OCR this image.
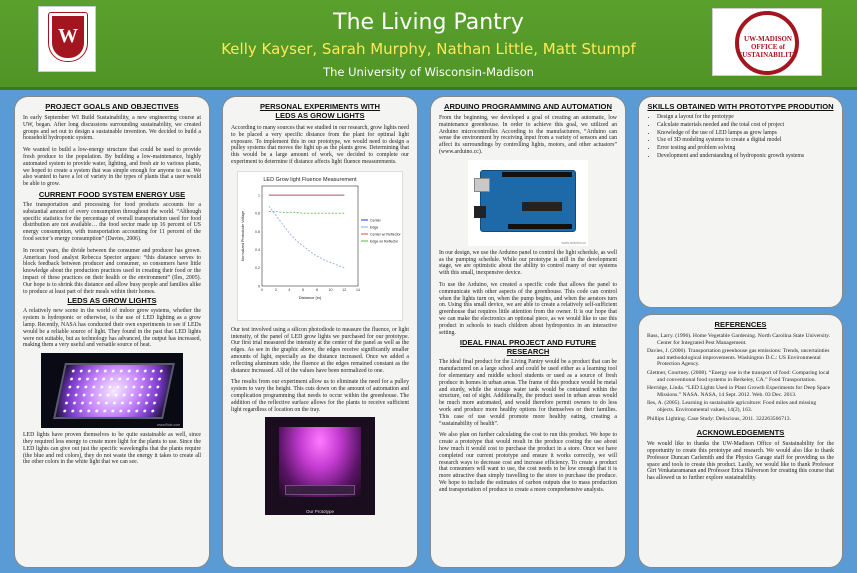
W
The Living Pantry
Kelly Kayser, Sarah Murphy, Nathan Little, Matt Stumpf
The University of Wisconsin-Madison
UW-MADISON
OFFICE of
SUSTAINABILITY
PROJECT GOALS AND OBJECTIVES
In early September WI Build Sustainability, a new engineering course at UW, began. After long discussions surrounding sustainability, we created groups and set out to design a sustainable invention. We decided to build a household hydroponic system.
We wanted to build a low-energy structure that could be used to provide fresh produce to the population. By building a low-maintenance, highly automated system to provide water, lighting, and fresh air to various plants, we hoped to create a system that was simple enough for anyone to use. We also wanted to have a lot of variety in the types of plants that a user would be able to grow.
CURRENT FOOD SYSTEM ENERGY USE
The transportation and processing for food products accounts for a substantial amount of every consumption throughout the world. “Although specific statistics for the percentage of overall transportation used for food distribution are not available… the food sector made up 16 percent of US energy consumption, with transportation accounting for 11 percent of the food sector’s energy consumption” (Davies, 2006).
In recent years, the divide between the consumer and producer has grown. American food analyst Rebecca Spector argues: “this distance serves to block feedback between producer and consumer, so consumers have little knowledge about the production practices used in creating their food or the impact of these practices on their health or the environment” (Iles, 2005). Our hope is to shrink this distance and allow busy people and families alike to produce at least part of their meals within their homes.
LEDS AS GROW LIGHTS
A relatively new scene in the world of indoor grow systems, whether the system is hydroponic or otherwise, is the use of LED lighting as a grow lamp. Recently, NASA has conducted their own experiments to see if LEDs would be a reliable source of light. They found in the past that LED lights were not suitable, but as technology has advanced, the output has increased, making them a very useful and versatile source of heat.
www.flickr.com
LED lights have proven themselves to be quite sustainable as well, since they required less energy to create more light for the plants to use. Since the LED lights can give out just the specific wavelengths that the plants require (the blue and red colors), they do not waste the energy it takes to create all the other colors in the white light that we can see.
PERSONAL EXPERIMENTS WITH LEDS AS GROW LIGHTS
According to many sources that we studied in our research, grow lights need to be placed a very specific distance from the plant for optimal light exposure. To implement this in our prototype, we would need to design a pulley systems that moves the light up as the plants grow. Determining that this would be a large amount of work, we decided to complete our experiment to determine if distance affects light fluence measurements.
LED Grow light Fluence Measurement
Distance (in)
Normalized Photodiode Voltage
0
0.2
0.4
0.6
0.8
1
0	2	4	6	8	10	12	14
Center
Edge
Center w/ Reflector
Edge w/ Reflector
Our test involved using a silicon photodiode to measure the fluence, or light intensity, of the panel of LED grow lights we purchased for our prototype. Our first trial measured the intensity at the center of the panel as well as the edges. As see in the graphic above, the edges receive significantly smaller amounts of light, especially as the distance increased. Once we added a reflecting aluminum side, the fluence at the edges remained constant as the distance increased. All of the values have been normalized to one.
The results from our experiment allow us to eliminate the need for a pulley system to vary the height. This cuts down on the amount of automation and complication programming that needs to occur within the greenhouse. The addition of the reflective surface allows for the plants to receive sufficient light regardless of location on the tray.
Our Prototype
ARDUINO PROGRAMMING AND AUTOMATION
From the beginning, we developed a goal of creating an automatic, low maintenance greenhouse. In order to achieve this goal, we utilized an Arduino microcontroller. According to the manufacturers, “Arduino can sense the environment by receiving input from a variety of sensors and can affect its surroundings by controlling lights, motors, and other actuators” (www.arduino.cc).
www.arduino.cc
In our design, we use the Arduino panel to control the light schedule, as well as the pumping schedule. While our prototype is still in the development stage, we are optimistic about the ability to control many of our systems with this small, inexpensive device.
To use the Arduino, we created a specific code that allows the panel to communicate with other aspects of the greenhouse. This code can control when the lights turn on, when the pump begins, and when the aerators turn on. Using this small device, we are able to create a relatively self-sufficient greenhouse that requires little attention from the owner. It is our hope that we can make the electronics an optional piece, as we would like to use this product in schools to teach children about hydroponics in an interactive setting.
IDEAL FINAL PROJECT AND FUTURE RESEARCH
The ideal final product for the Living Pantry would be a product that can be manufactured on a large school and could be used either as a learning tool for elementary and middle school students or used as a source of fresh produce in homes in urban areas. The frame of this produce would be metal and sturdy, while the storage water tank would be contained within the structure, out of sight. Additionally, the product used in urban areas would be much more automated, and would therefore permit owners to do less work and produce more healthy options for themselves or their families. This case of use would promote more healthy eating, creating a “sustainability of health”.
We also plan on further calculating the cost to run this product. We hope to create a prototype that would result in the produce costing the use about how much it would cost to purchase the product in a store. Once we have completed our current prototype and ensure it works correctly, we will research ways to decrease cost and increase efficiency. To create a product that consumers will want to use, the cost needs to be low enough that it is more attractive than simply travelling to the store to purchase the produce. We hope to include the estimates of carbon outputs due to mass production and transportation of produce to create a more comprehensive analysis.
SKILLS OBTAINED WITH PROTOTYPE PRODUTION
• Design a layout for the prototype
• Calculate materials needed and the total cost of project
• Knowledge of the use of LED lamps as grow lamps
• Use of 3D modeling systems to create a digital model
• Error testing and problem solving
• Development and understanding of hydroponic growth systems
REFERENCES
Bass, Larry. (1996). Home Vegetable Gardening. North Carolina State University. Center for Integrated Pest Management.
Davies, J. (2006). Transportation greenhouse gas emissions: Trends, uncertainties and methodological improvements. Washington D.C.: US Environmental Protection Agency.
Glettner, Courtney. (2008). “Energy use in the transport of food: Comparing local and conventional food systems in Berkeley, CA.” Food Transportation.
Herridge, Linda. “LED Lights Used in Plant Growth Experiments for Deep Space Missions.” NASA. NASA, 14 Sept. 2012. Web. 03 Dec. 2013.
Iles, A. (2005). Learning in sustainable agriculture: Food miles and missing objects. Environmental values, 14(2), 163.
Phillips Lighting. Case Study: Deliscious, 2011. 322263566713.
ACKNOWLEDGEMENTS
We would like to thanks the UW-Madison Office of Sustainability for the opportunity to create this prototype and research. We would also like to thank Professor Duncan Carlsmith and the Physics Garage staff for providing us the space and tools to create this product. Lastly, we would like to thank Professor Giri Venkataramanan and Professor Erica Halverson for creating this course that has allowed us to further explore sustainability.
